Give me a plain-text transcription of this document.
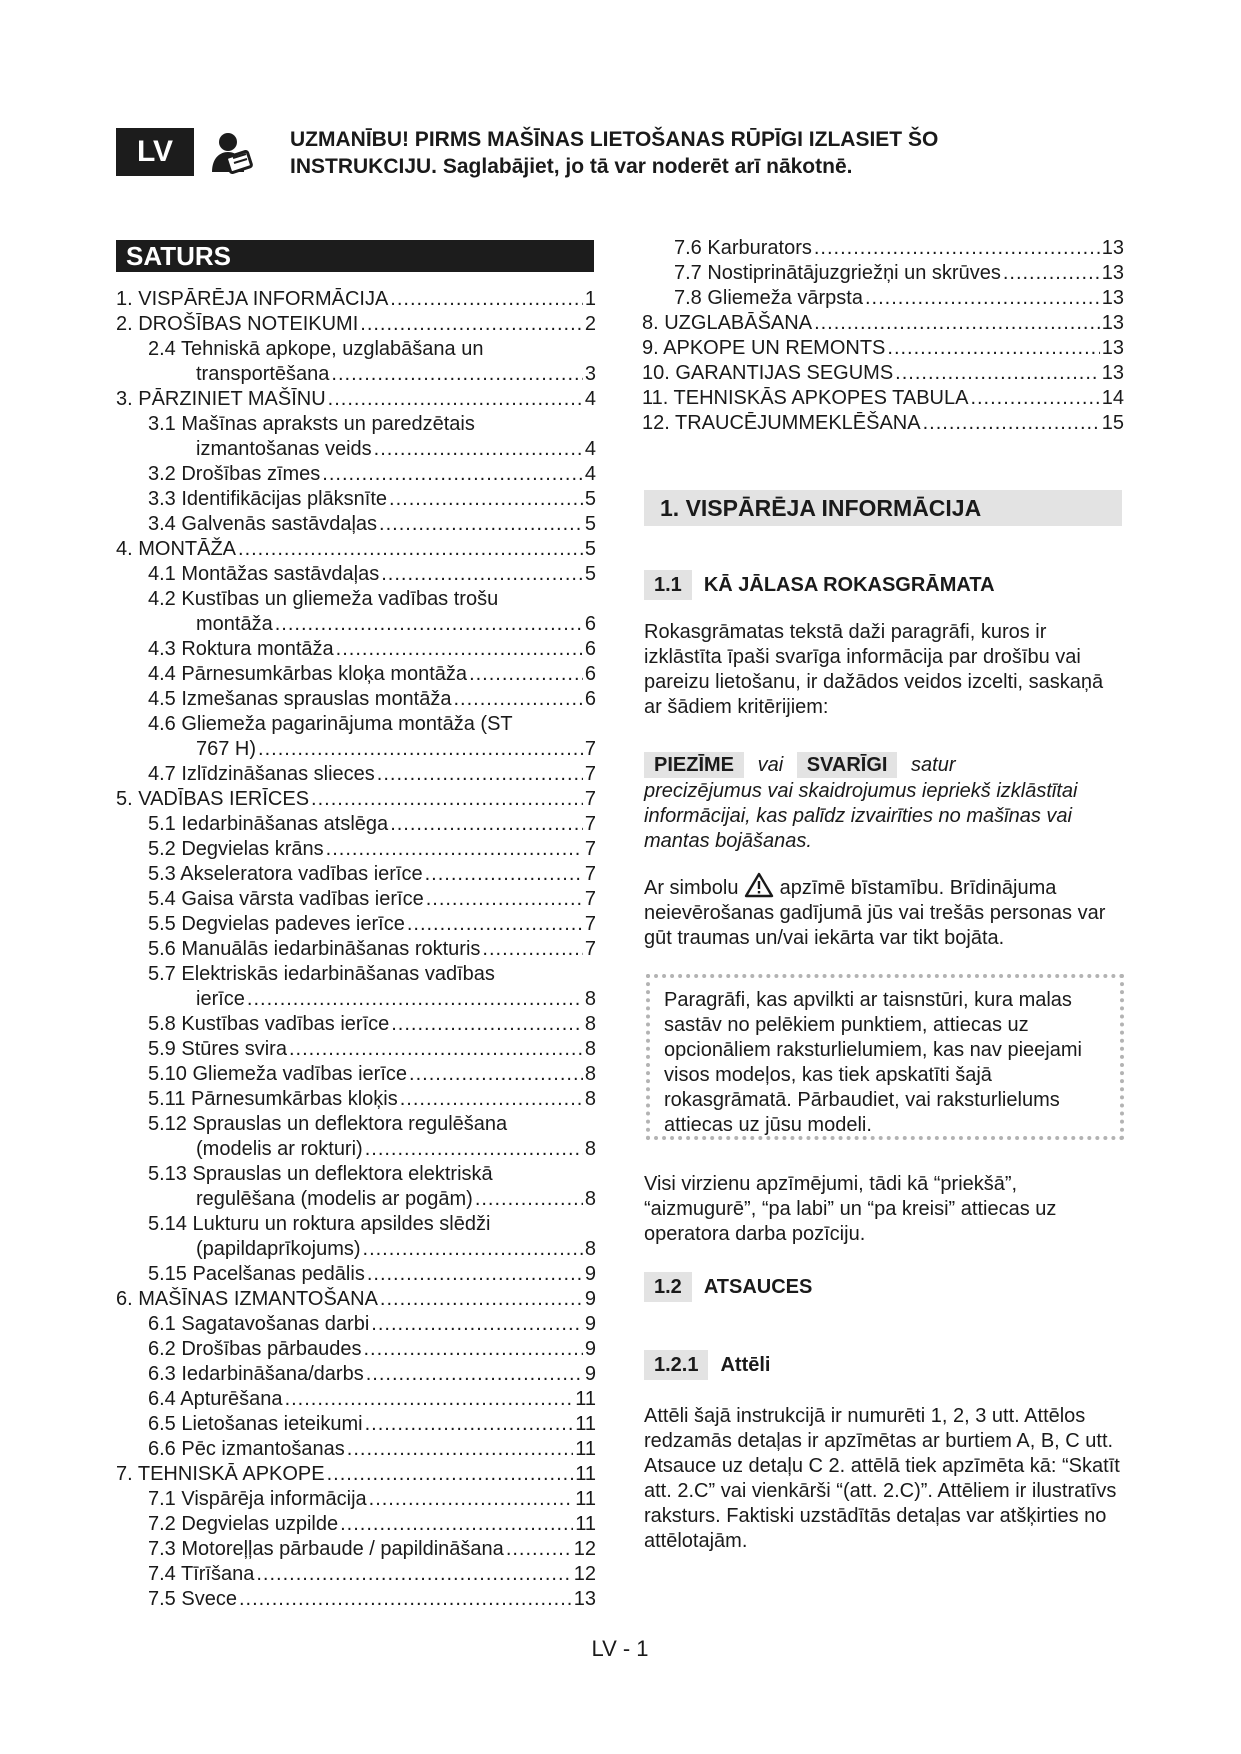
LV	UZMANĪBU! PIRMS MAŠĪNAS LIETOŠANAS RŪPĪGI IZLASIET ŠO
INSTRUKCIJU. Saglabājiet, jo tā var noderēt arī nākotnē.
SATURS
1. VISPĀRĒJA INFORMĀCIJA .....	1
2. DROŠĪBAS NOTEIKUMI .....	2
2.4 Tehniskā apkope, uzglabāšana un
transportēšana .....	3
3. PĀRZINIET MAŠĪNU .....	4
3.1 Mašīnas apraksts un paredzētais
izmantošanas veids .....	4
3.2 Drošības zīmes .....	4
3.3 Identifikācijas plāksnīte .....	5
3.4 Galvenās sastāvdaļas .....	5
4. MONTĀŽA .....	5
4.1 Montāžas sastāvdaļas .....	5
4.2 Kustības un gliemeža vadības trošu
montāža .....	6
4.3 Roktura montāža .....	6
4.4 Pārnesumkārbas kloķa montāža .....	6
4.5 Izmešanas sprauslas montāža .....	6
4.6 Gliemeža pagarinājuma montāža (ST
767 H) .....	7
4.7 Izlīdzināšanas slieces .....	7
5. VADĪBAS IERĪCES .....	7
5.1 Iedarbināšanas atslēga .....	7
5.2 Degvielas krāns .....	7
5.3 Akseleratora vadības ierīce .....	7
5.4 Gaisa vārsta vadības ierīce .....	7
5.5 Degvielas padeves ierīce .....	7
5.6 Manuālās iedarbināšanas rokturis .....	7
5.7 Elektriskās iedarbināšanas vadības
ierīce .....	8
5.8 Kustības vadības ierīce .....	8
5.9 Stūres svira .....	8
5.10 Gliemeža vadības ierīce .....	8
5.11 Pārnesumkārbas kloķis .....	8
5.12 Sprauslas un deflektora regulēšana
(modelis ar rokturi) .....	8
5.13 Sprauslas un deflektora elektriskā
regulēšana (modelis ar pogām) .....	8
5.14 Lukturu un roktura apsildes slēdži
(papildaprīkojums) .....	8
5.15 Pacelšanas pedālis .....	9
6. MAŠĪNAS IZMANTOŠANA .....	9
6.1 Sagatavošanas darbi .....	9
6.2 Drošības pārbaudes .....	9
6.3 Iedarbināšana/darbs .....	9
6.4 Apturēšana .....	11
6.5 Lietošanas ieteikumi .....	11
6.6 Pēc izmantošanas .....	11
7. TEHNISKĀ APKOPE .....	11
7.1 Vispārēja informācija .....	11
7.2 Degvielas uzpilde .....	11
7.3 Motoreļļas pārbaude / papildināšana .....	12
7.4 Tīrīšana .....	12
7.5 Svece .....	13
7.6 Karburators .....	13
7.7 Nostiprinātājuzgriežņi un skrūves .....	13
7.8 Gliemeža vārpsta .....	13
8. UZGLABĀŠANA .....	13
9. APKOPE UN REMONTS .....	13
10. GARANTIJAS SEGUMS .....	13
11. TEHNISKĀS APKOPES TABULA .....	14
12. TRAUCĒJUMMEKLĒŠANA .....	15
1. VISPĀRĒJA INFORMĀCIJA
1.1	KĀ JĀLASA ROKASGRĀMATA
Rokasgrāmatas tekstā daži paragrāfi, kuros ir izklāstīta īpaši svarīga informācija par drošību vai pareizu lietošanu, ir dažādos veidos izcelti, saskaņā ar šādiem kritērijiem:
PIEZĪME vai SVARĪGI satur
precizējumus vai skaidrojumus iepriekš izklāstītai informācijai, kas palīdz izvairīties no mašīnas vai mantas bojāšanas.
Ar simbolu apzīmē bīstamību. Brīdinājuma neievērošanas gadījumā jūs vai trešās personas var gūt traumas un/vai iekārta var tikt bojāta.
Paragrāfi, kas apvilkti ar taisnstūri, kura malas sastāv no pelēkiem punktiem, attiecas uz opcionāliem raksturlielumiem, kas nav pieejami visos modeļos, kas tiek apskatīti šajā rokasgrāmatā. Pārbaudiet, vai raksturlielums attiecas uz jūsu modeli.
Visi virzienu apzīmējumi, tādi kā “priekšā”, “aizmugurē”, “pa labi” un “pa kreisi” attiecas uz operatora darba pozīciju.
1.2	ATSAUCES
1.2.1	Attēli
Attēli šajā instrukcijā ir numurēti 1, 2, 3 utt. Attēlos redzamās detaļas ir apzīmētas ar burtiem A, B, C utt. Atsauce uz detaļu C 2. attēlā tiek apzīmēta kā: “Skatīt att. 2.C” vai vienkārši “(att. 2.C)”. Attēliem ir ilustratīvs raksturs. Faktiski uzstādītās detaļas var atšķirties no attēlotajām.
LV - 1
